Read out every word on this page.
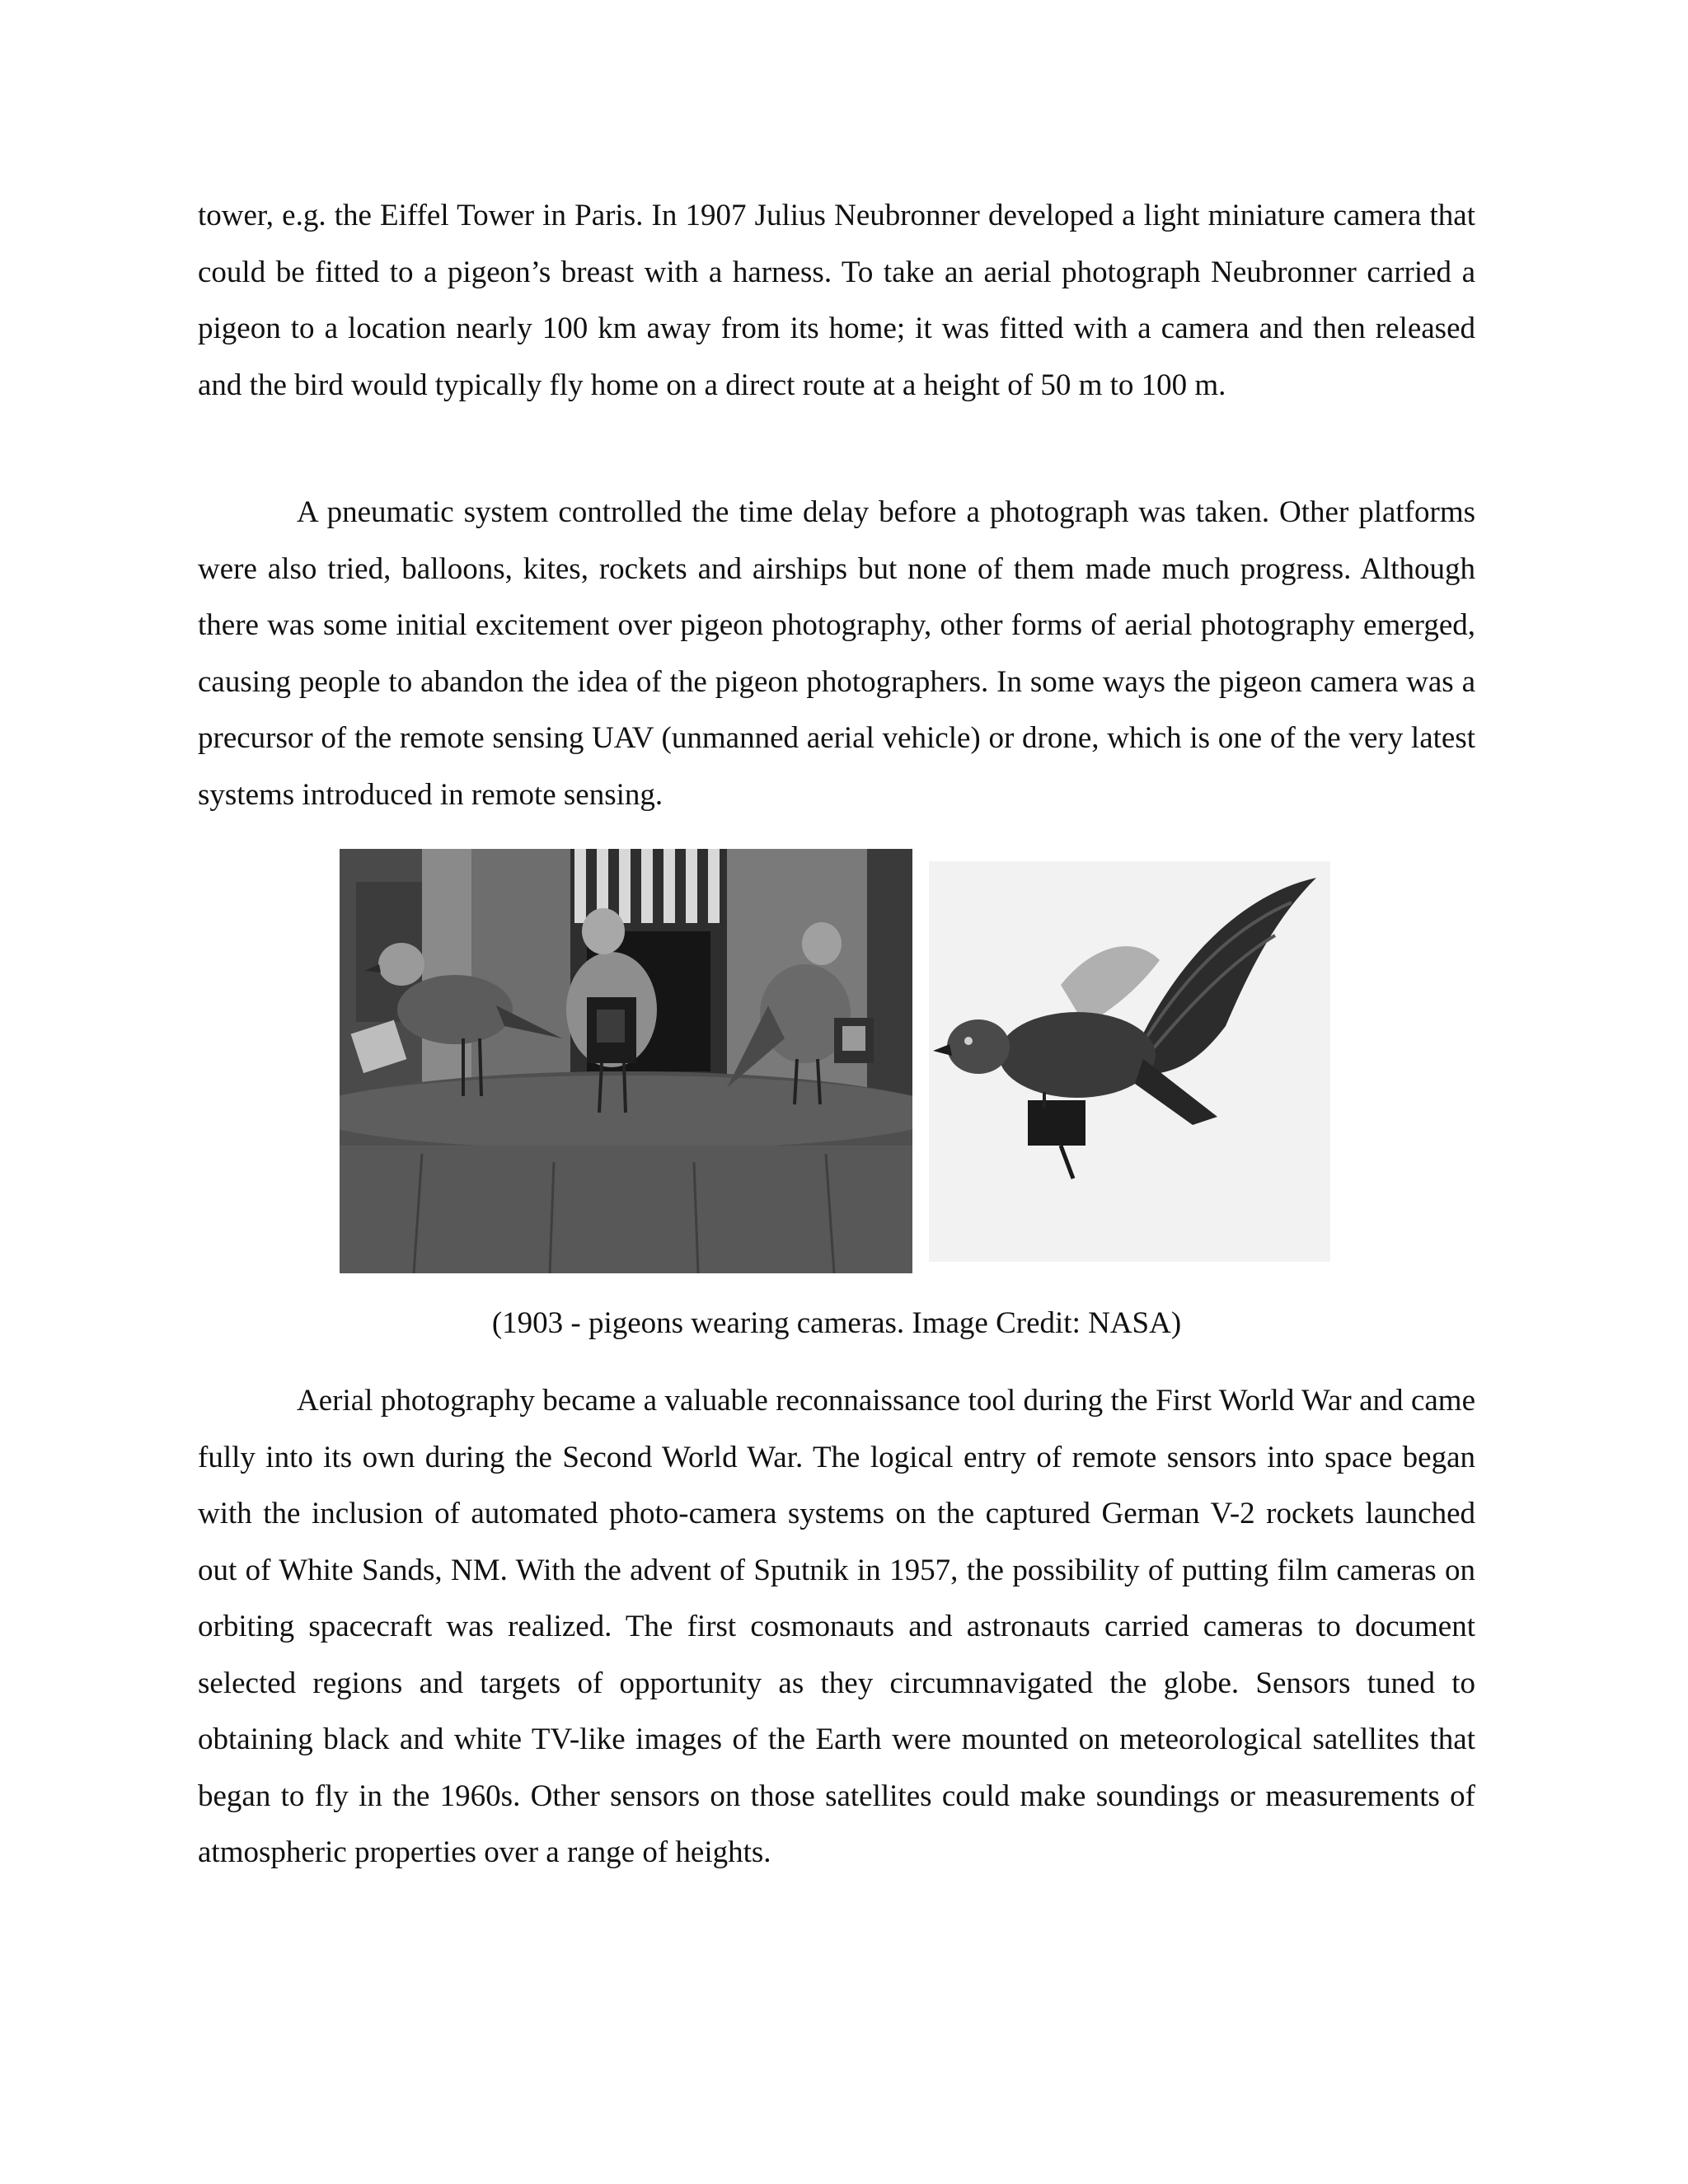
tower, e.g. the Eiffel Tower in Paris. In 1907 Julius Neubronner developed a light miniature camera that could be fitted to a pigeon’s breast with a harness. To take an aerial photograph Neubronner carried a pigeon to a location nearly 100 km away from its home; it was fitted with a camera and then released and the bird would typically fly home on a direct route at a height of 50 m to 100 m.

A pneumatic system controlled the time delay before a photograph was taken. Other platforms were also tried, balloons, kites, rockets and airships but none of them made much progress. Although there was some initial excitement over pigeon photography, other forms of aerial photography emerged, causing people to abandon the idea of the pigeon photographers. In some ways the pigeon camera was a precursor of the remote sensing UAV (unmanned aerial vehicle) or drone, which is one of the very latest systems introduced in remote sensing.

(1903 - pigeons wearing cameras. Image Credit: NASA)

Aerial photography became a valuable reconnaissance tool during the First World War and came fully into its own during the Second World War. The logical entry of remote sensors into space began with the inclusion of automated photo-camera systems on the captured German V-2 rockets launched out of White Sands, NM. With the advent of Sputnik in 1957, the possibility of putting film cameras on orbiting spacecraft was realized. The first cosmonauts and astronauts carried cameras to document selected regions and targets of opportunity as they circumnavigated the globe. Sensors tuned to obtaining black and white TV-like images of the Earth were mounted on meteorological satellites that began to fly in the 1960s. Other sensors on those satellites could make soundings or measurements of atmospheric properties over a range of heights.
